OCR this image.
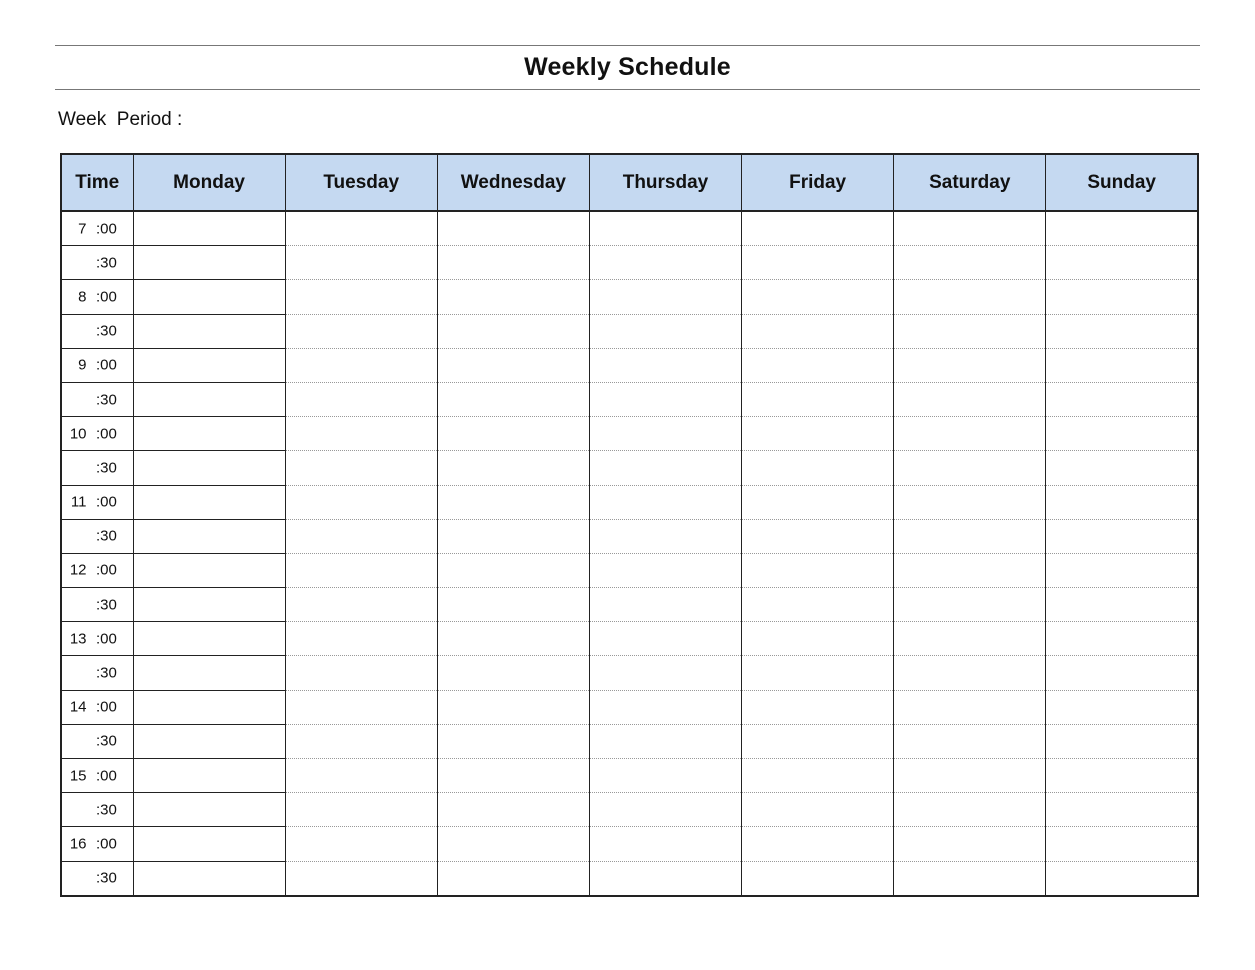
Weekly Schedule
Week  Period :
Time	Monday	Tuesday	Wednesday	Thursday	Friday	Saturday	Sunday

7 :00							

:30							

8 :00							

:30							

9 :00							

:30							

10 :00							

:30							

11 :00							

:30							

12 :00							

:30							

13 :00							

:30							

14 :00							

:30							

15 :00							

:30							

16 :00							

:30							
